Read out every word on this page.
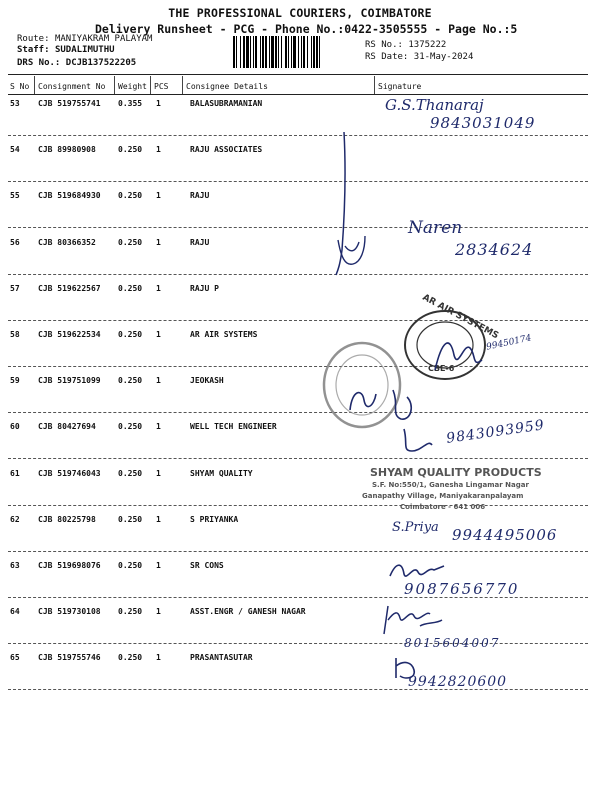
THE PROFESSIONAL COURIERS, COIMBATORE
Delivery Runsheet - PCG - Phone No.:0422-3505555 - Page No.:5
Route: MANIYAKRAM PALAYAM
Staff: SUDALIMUTHU
DRS No.: DCJB137522205
RS No.: 1375222
RS Date: 31-May-2024
S No Consignment No Weight PCS Consignee Details	Signature
53 CJB 519755741 0.355 1	BALASUBRAMANIAN
54 CJB 89980908	0.250 1	RAJU ASSOCIATES
55 CJB 519684930 0.250 1	RAJU
56 CJB 80366352	0.250 1	RAJU
57 CJB 519622567 0.250 1	RAJU P
58 CJB 519622534 0.250 1	AR AIR SYSTEMS
59 CJB 519751099 0.250 1	JEOKASH
60 CJB 80427694	0.250 1	WELL TECH ENGINEER
61 CJB 519746043 0.250 1	SHYAM QUALITY
62 CJB 80225798	0.250 1	S PRIYANKA
63 CJB 519698076 0.250 1	SR CONS
64 CJB 519730108 0.250 1	ASST.ENGR / GANESH NAGAR
65 CJB 519755746 0.250 1	PRASANTASUTAR
G.S.Thanaraj
9843031049
Naren
2834624
AR AIR SYSTEMS
CBE-6
99450174
9843093959
SHYAM QUALITY PRODUCTS
S.F. No:550/1, Ganesha Lingamar Nagar
Ganapathy Village, Maniyakaranpalayam
Coimbatore - 641 006
S.Priya 9944495006
9087656770
8015604007
9942820600
